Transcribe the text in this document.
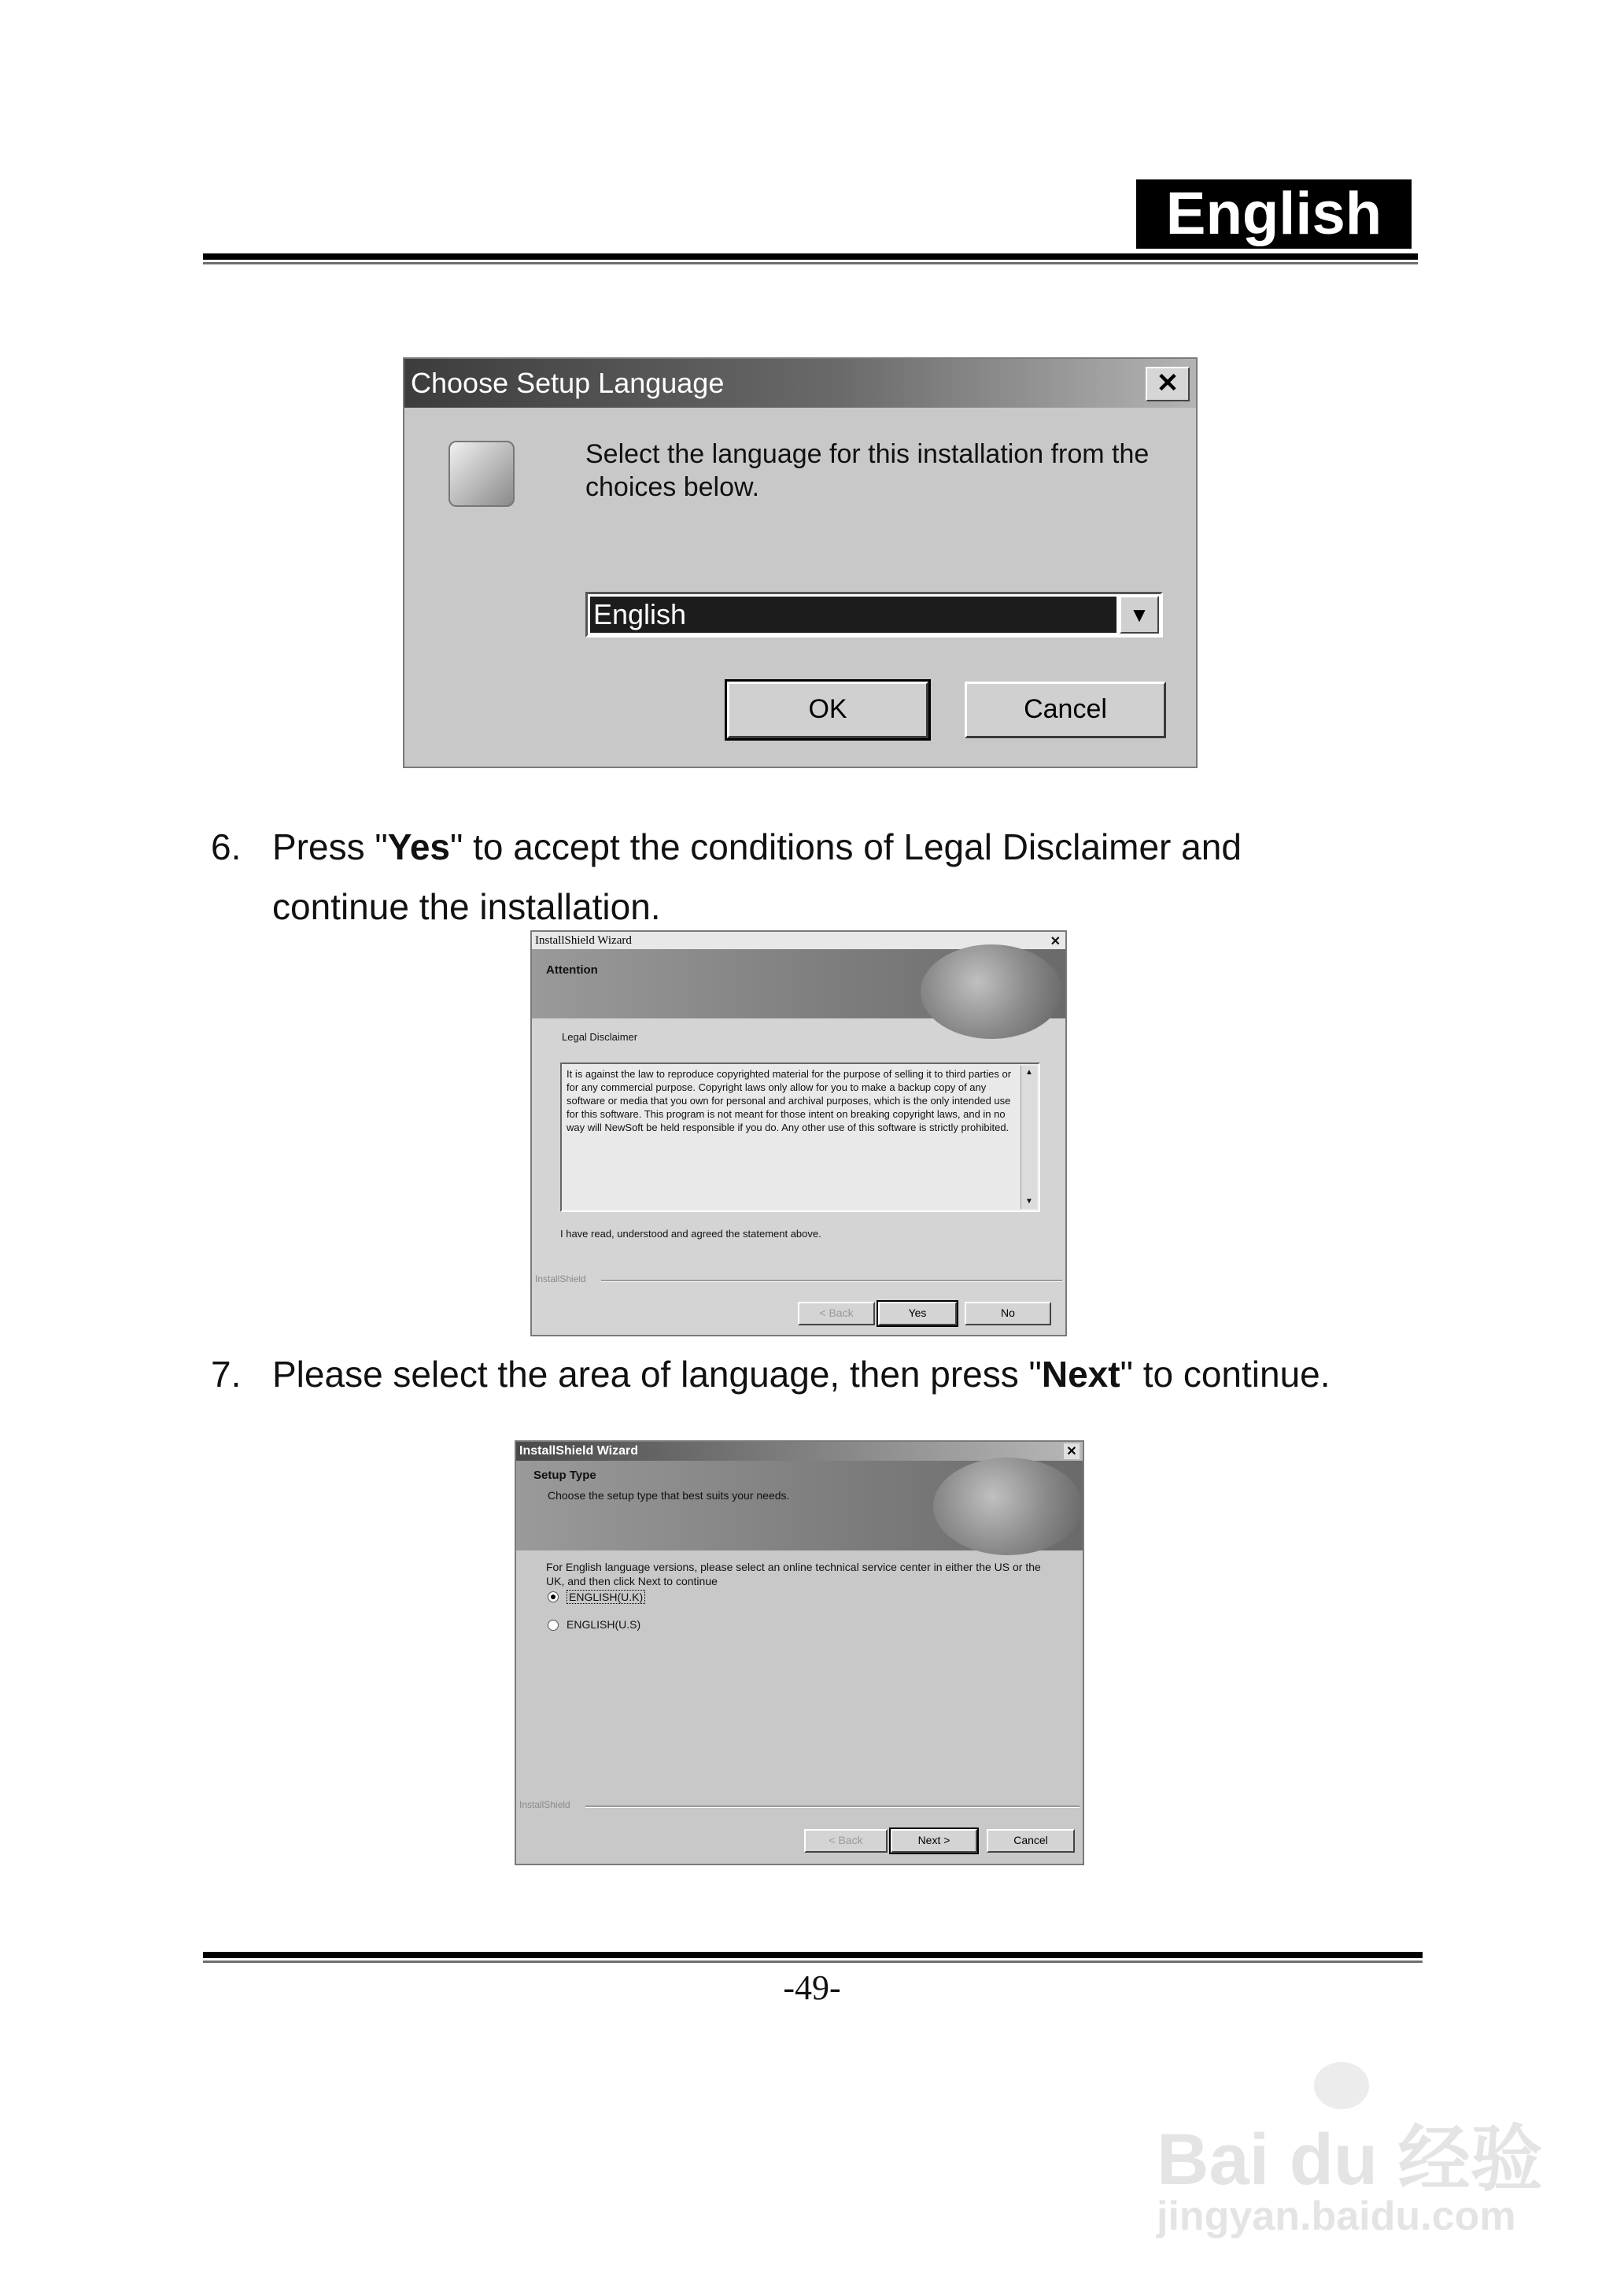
English
Choose Setup Language	✕
Select the language for this installation from the choices below.
English	▼
OK	Cancel
6. Press "Yes" to accept the conditions of Legal Disclaimer and
continue the installation.
InstallShield Wizard	✕
Attention
Legal Disclaimer
It is against the law to reproduce copyrighted material for the purpose of selling it to third parties or for any commercial purpose. Copyright laws only allow for you to make a backup copy of any software or media that you own for personal and archival purposes, which is the only intended use for this software. This program is not meant for those intent on breaking copyright laws, and in no way will NewSoft be held responsible if you do. Any other use of this software is strictly prohibited.
▲
▼
I have read, understood and agreed the statement above.
InstallShield
< Back	Yes	No
7. Please select the area of language, then press "Next" to continue.
InstallShield Wizard	✕
Setup Type
Choose the setup type that best suits your needs.
For English language versions, please select an online technical service center in either the US or the UK, and then click Next to continue
ENGLISH(U.K)
ENGLISH(U.S)
InstallShield
< Back	Next >	Cancel
-49-
Bai du 经验
jingyan.baidu.com
